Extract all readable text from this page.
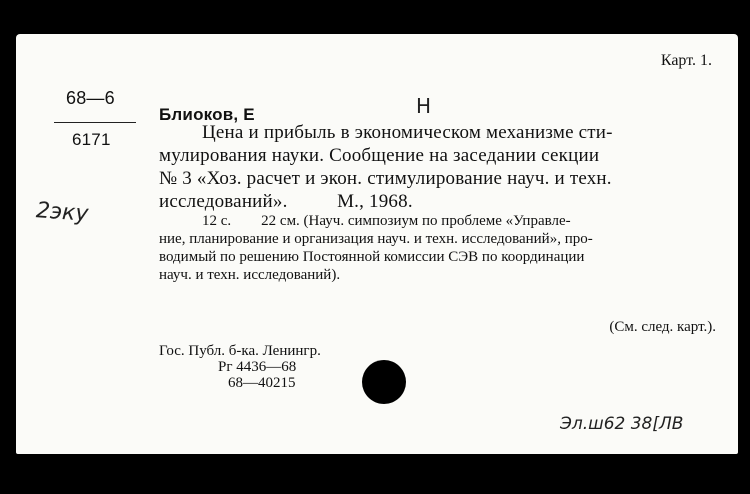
Карт. 1.
68—6
6171
2эку
Н
Блиоков, Е
Цена и прибыль в экономическом механизме сти-
мулирования науки. Сообщение на заседании секции
№ 3 «Хоз. расчет и экон. стимулирование науч. и техн.
исследований».          М., 1968.
12 с.        22 см. (Науч. симпозиум по проблеме «Управле-
ние, планирование и организация науч. и техн. исследований», про-
водимый по решению Постоянной комиссии СЭВ по координации
науч. и техн. исследований).
(См. след. карт.).
Гос. Публ. б-ка. Ленингр.
Рг 4436—68
68—40215
Эл.ш62 38[ЛВ
